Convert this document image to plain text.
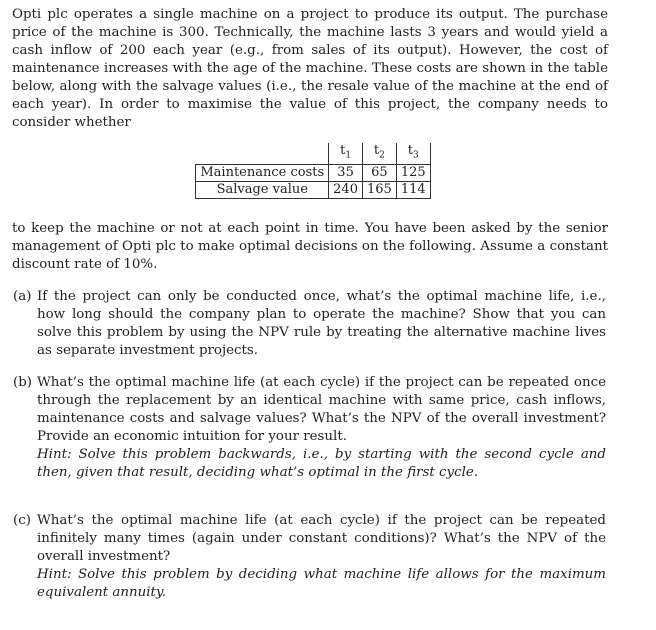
Opti plc operates a single machine on a project to produce its output. The purchase price of the machine is 300. Technically, the machine lasts 3 years and would yield a cash inflow of 200 each year (e.g., from sales of its output). However, the cost of maintenance increases with the age of the machine. These costs are shown in the table below, along with the salvage values (i.e., the resale value of the machine at the end of each year). In order to maximise the value of this project, the company needs to consider whether

	$t_1$	$t_2$	$t_3$
Maintenance costs	35	65	125
Salvage value	240	165	114

to keep the machine or not at each point in time. You have been asked by the senior management of Opti plc to make optimal decisions on the following. Assume a constant discount rate of 10%.

(a) If the project can only be conducted once, what’s the optimal machine life, i.e., how long should the company plan to operate the machine? Show that you can solve this problem by using the NPV rule by treating the alternative machine lives as separate investment projects.

(b) What’s the optimal machine life (at each cycle) if the project can be repeated once through the replacement by an identical machine with same price, cash inflows, maintenance costs and salvage values? What’s the NPV of the overall investment? Provide an economic intuition for your result.

Hint: Solve this problem backwards, i.e., by starting with the second cycle and then, given that result, deciding what’s optimal in the first cycle.

(c) What’s the optimal machine life (at each cycle) if the project can be repeated infinitely many times (again under constant conditions)? What’s the NPV of the overall investment?

Hint: Solve this problem by deciding what machine life allows for the maximum equivalent annuity.
